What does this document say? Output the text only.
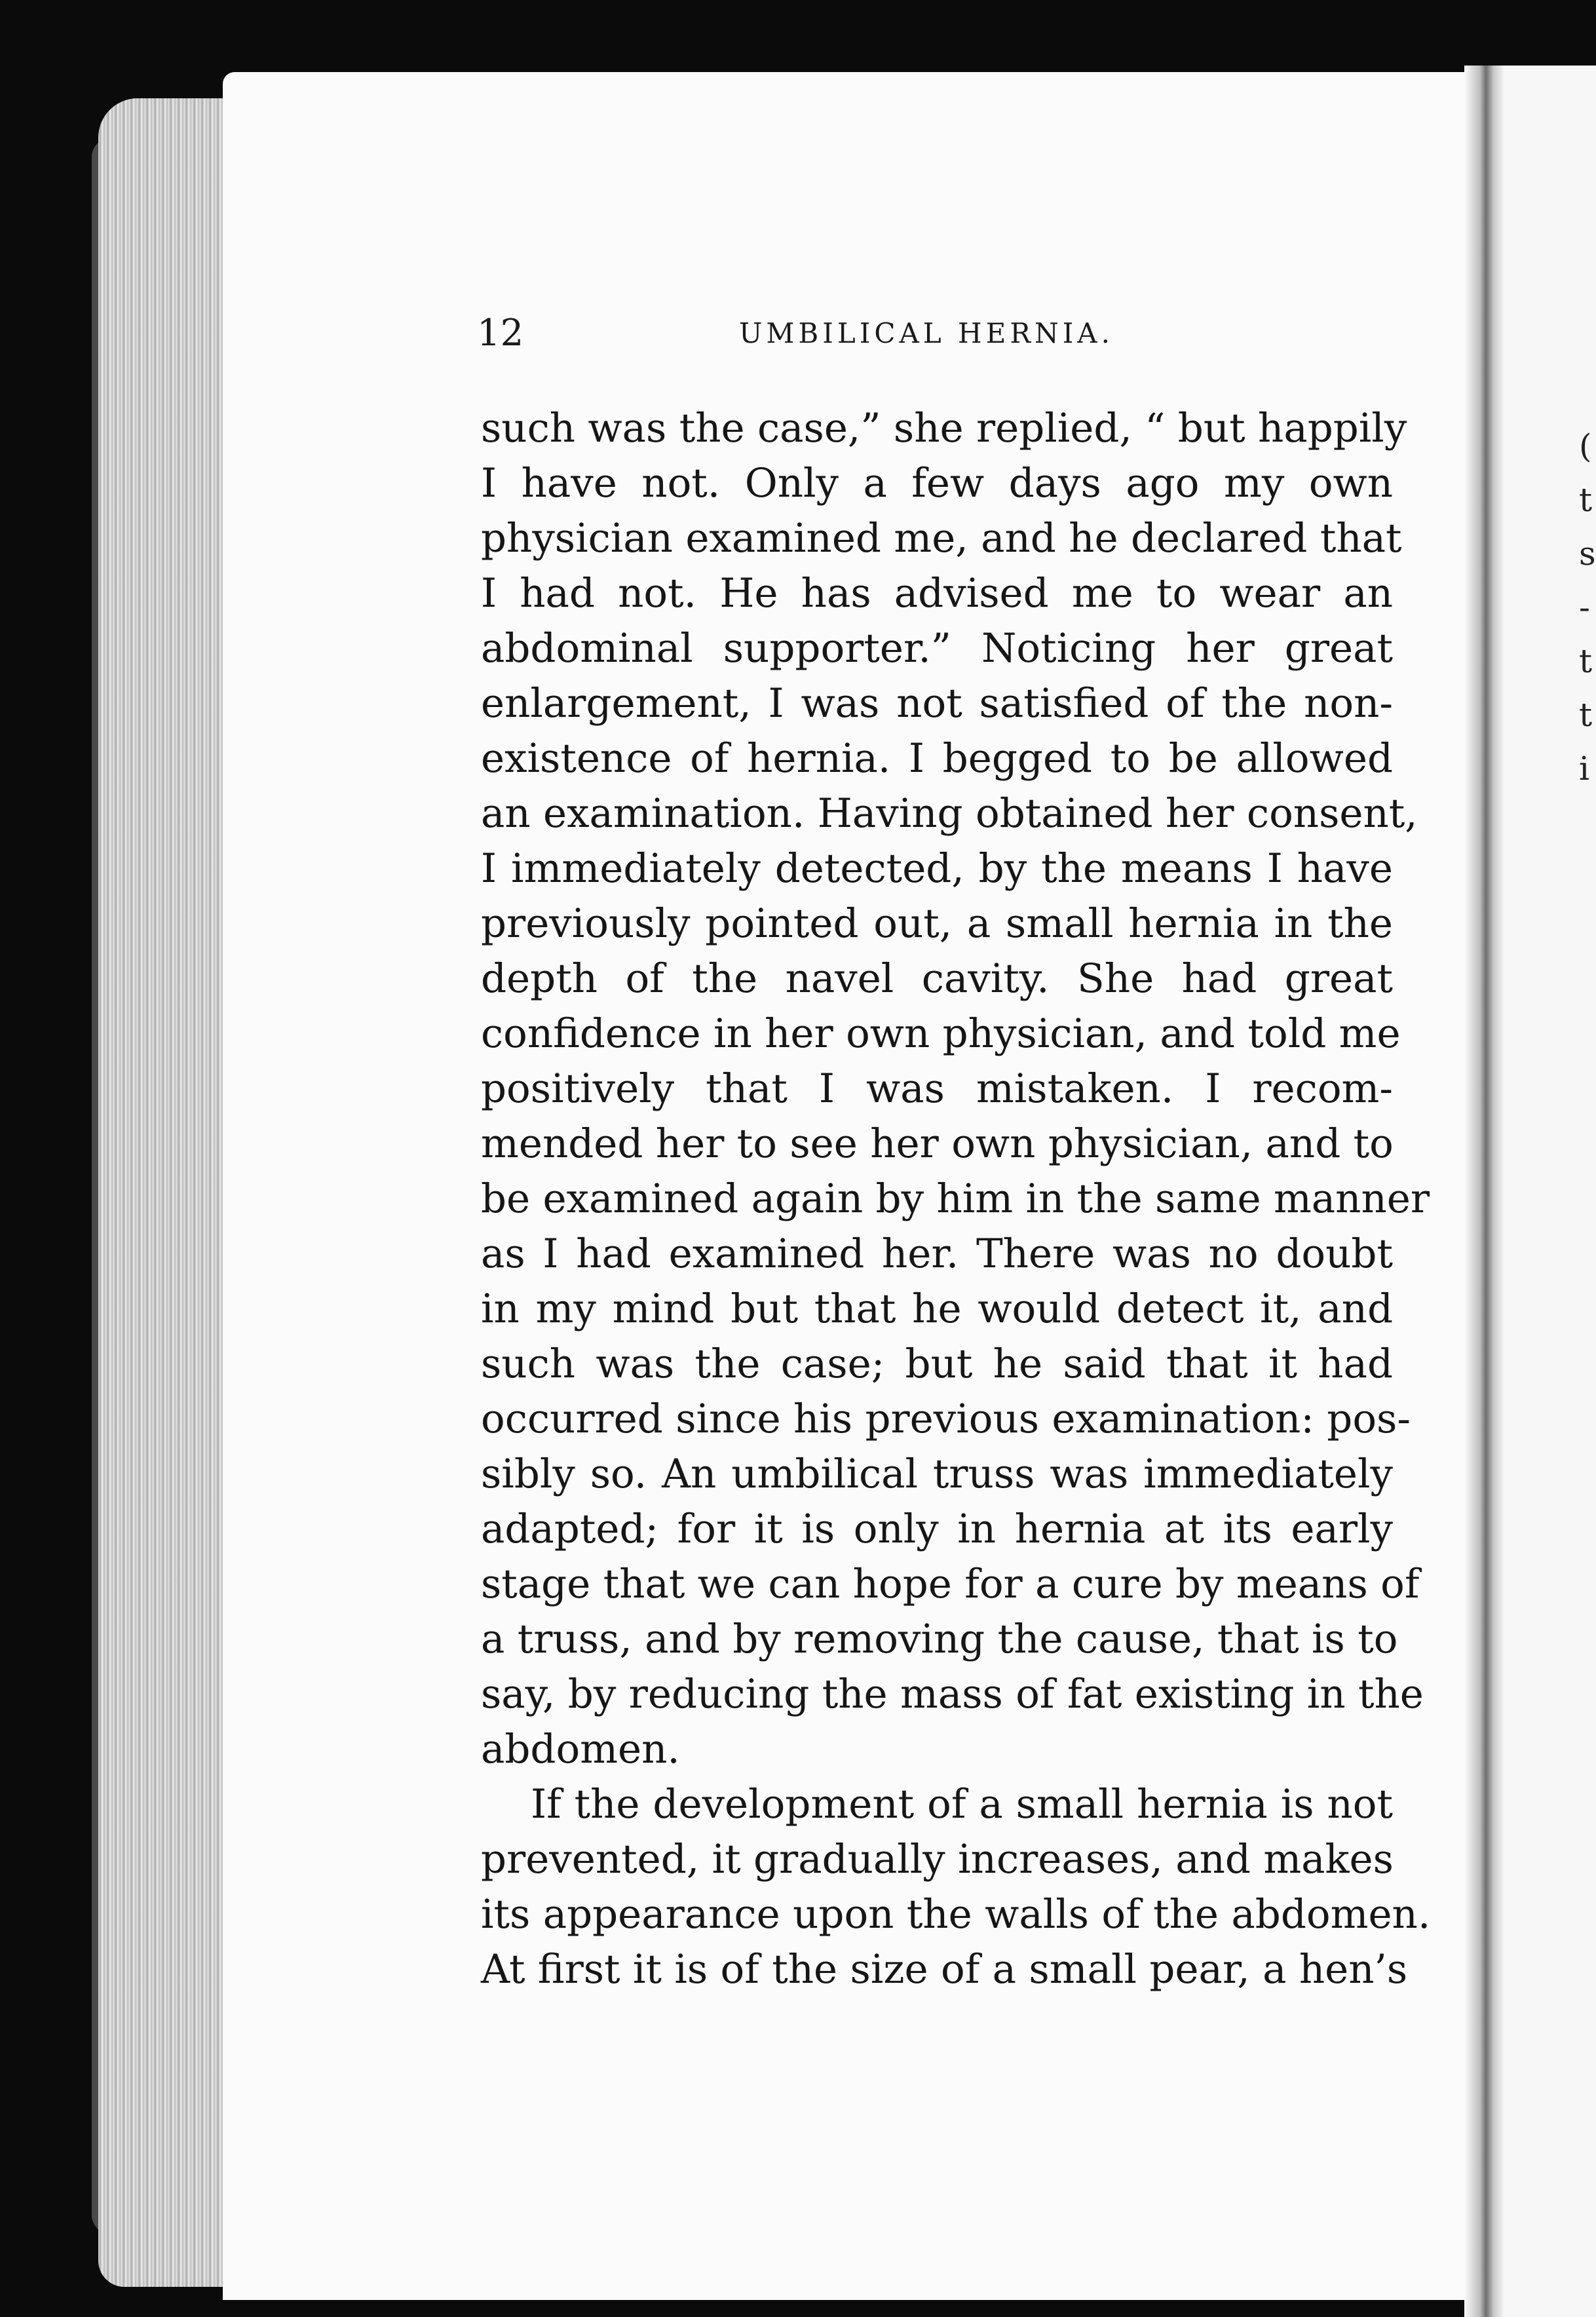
(
t
s
-
t
t
i
12	UMBILICAL HERNIA.
such was the case,” she replied, “ but happily
I have not. Only a few days ago my own
physician examined me, and he declared that
I had not. He has advised me to wear an
abdominal supporter.” Noticing her great
enlargement, I was not satisfied of the non-
existence of hernia. I begged to be allowed
an examination. Having obtained her consent,
I immediately detected, by the means I have
previously pointed out, a small hernia in the
depth of the navel cavity. She had great
confidence in her own physician, and told me
positively that I was mistaken. I recom-
mended her to see her own physician, and to
be examined again by him in the same manner
as I had examined her. There was no doubt
in my mind but that he would detect it, and
such was the case; but he said that it had
occurred since his previous examination: pos-
sibly so. An umbilical truss was immediately
adapted; for it is only in hernia at its early
stage that we can hope for a cure by means of
a truss, and by removing the cause, that is to
say, by reducing the mass of fat existing in the
abdomen.
If the development of a small hernia is not
prevented, it gradually increases, and makes
its appearance upon the walls of the abdomen.
At first it is of the size of a small pear, a hen’s
